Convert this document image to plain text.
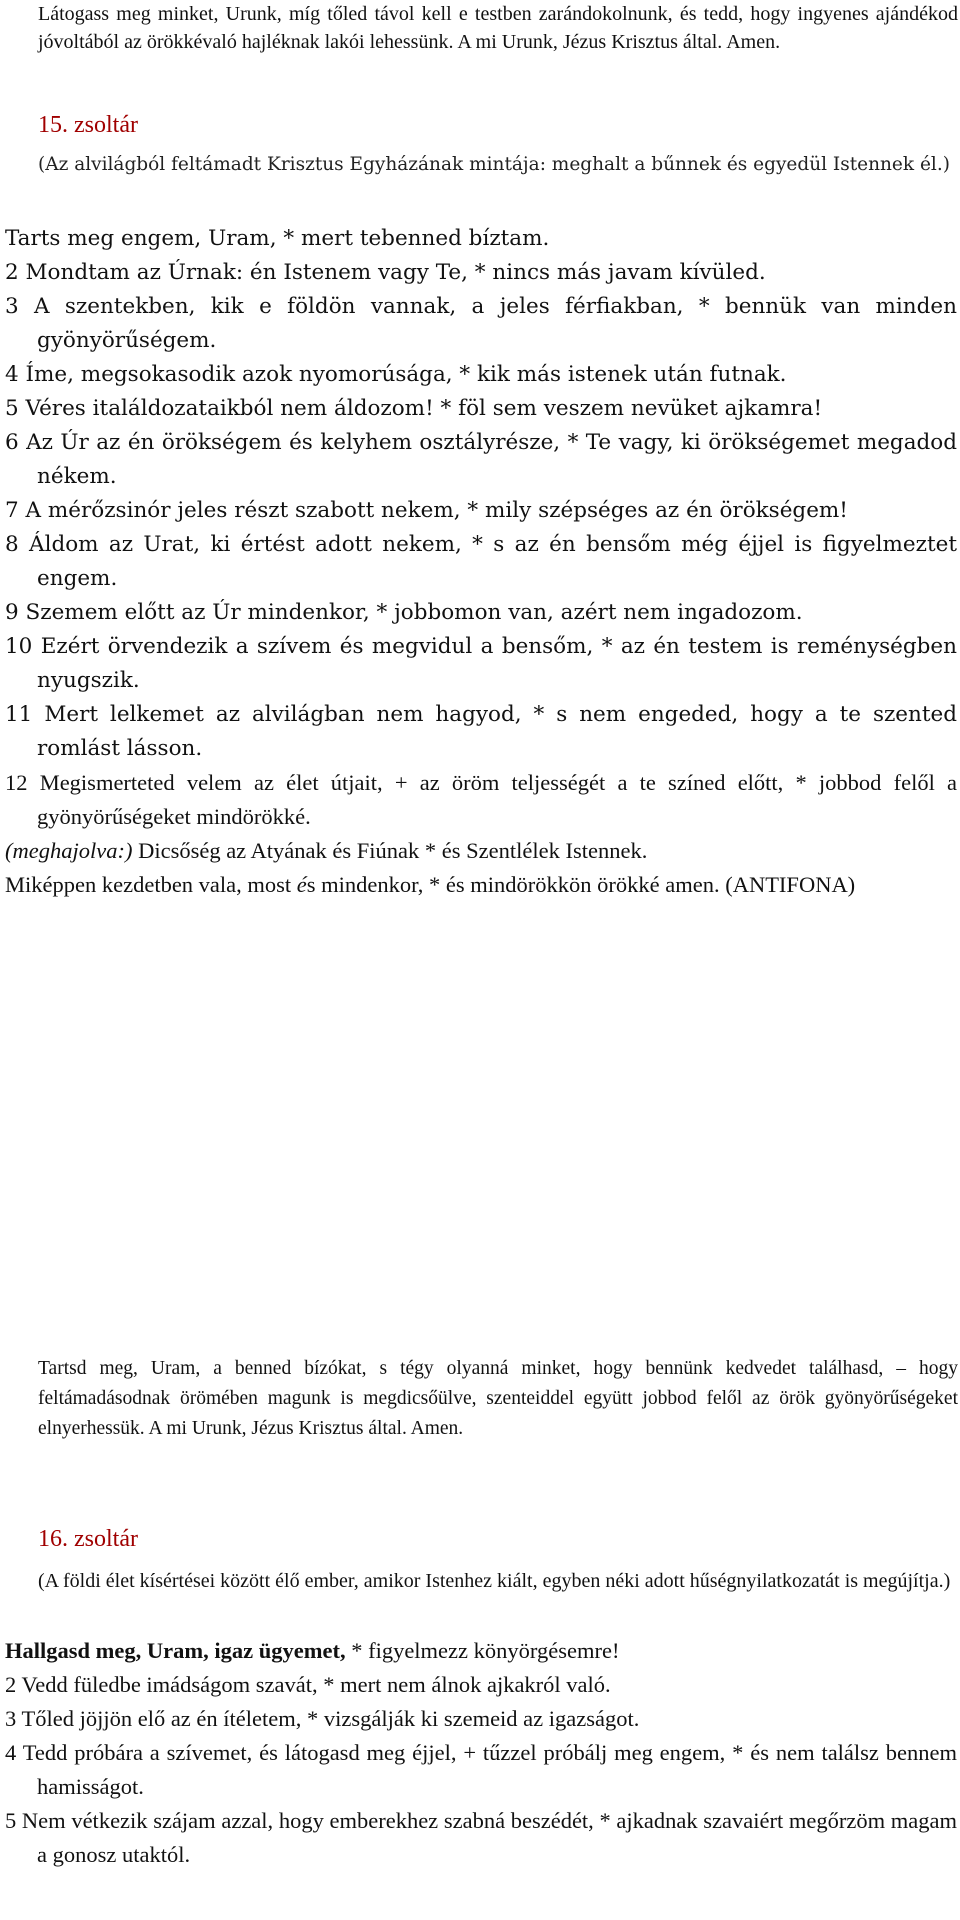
Látogass meg minket, Urunk, míg tőled távol kell e testben zarándokolnunk, és tedd, hogy ingyenes ajándékod jóvoltából az örökkévaló hajléknak lakói lehessünk. A mi Urunk, Jézus Krisztus által. Amen.

15. zsoltár

(Az alvilágból feltámadt Krisztus Egyházának mintája: meghalt a bűnnek és egyedül Istennek él.)

Tarts meg engem, Uram, * mert tebenned bíztam.

2 Mondtam az Úrnak: én Istenem vagy Te, * nincs más javam kívüled.

3 A szentekben, kik e földön vannak, a jeles férfiakban, * bennük van minden gyönyörűségem.

4 Íme, megsokasodik azok nyomorúsága, * kik más istenek után futnak.

5 Véres italáldozataikból nem áldozom! * föl sem veszem nevüket ajkamra!

6 Az Úr az én örökségem és kelyhem osztályrésze, * Te vagy, ki örökségemet megadod nékem.

7 A mérőzsinór jeles részt szabott nekem, * mily szépséges az én örökségem!

8 Áldom az Urat, ki értést adott nekem, * s az én bensőm még éjjel is figyelmeztet engem.

9 Szemem előtt az Úr mindenkor, * jobbomon van, azért nem ingadozom.

10 Ezért örvendezik a szívem és megvidul a bensőm, * az én testem is reménységben nyugszik.

11 Mert lelkemet az alvilágban nem hagyod, * s nem engeded, hogy a te szented romlást lásson.

12 Megismerteted velem az élet útjait, + az öröm teljességét a te színed előtt, * jobbod felől a gyönyörűségeket mindörökké.

(meghajolva:) Dicsőség az Atyának és Fiúnak * és Szentlélek Istennek.

Miképpen kezdetben vala, most és mindenkor, * és mindörökkön örökké amen. (ANTIFONA)

Tartsd meg, Uram, a benned bízókat, s tégy olyanná minket, hogy bennünk kedvedet találhasd, – hogy feltámadásodnak örömében magunk is megdicsőülve, szenteiddel együtt jobbod felől az örök gyönyörűségeket elnyerhessük. A mi Urunk, Jézus Krisztus által. Amen.

16. zsoltár

(A földi élet kísértései között élő ember, amikor Istenhez kiált, egyben néki adott hűségnyilatkozatát is megújítja.)

Hallgasd meg, Uram, igaz ügyemet, * figyelmezz könyörgésemre!

2 Vedd füledbe imádságom szavát, * mert nem álnok ajkakról való.

3 Tőled jöjjön elő az én ítéletem, * vizsgálják ki szemeid az igazságot.

4 Tedd próbára a szívemet, és látogasd meg éjjel, + tűzzel próbálj meg engem, * és nem találsz bennem hamisságot.

5 Nem vétkezik szájam azzal, hogy emberekhez szabná beszédét, * ajkadnak szavaiért megőrzöm magam a gonosz utaktól.
